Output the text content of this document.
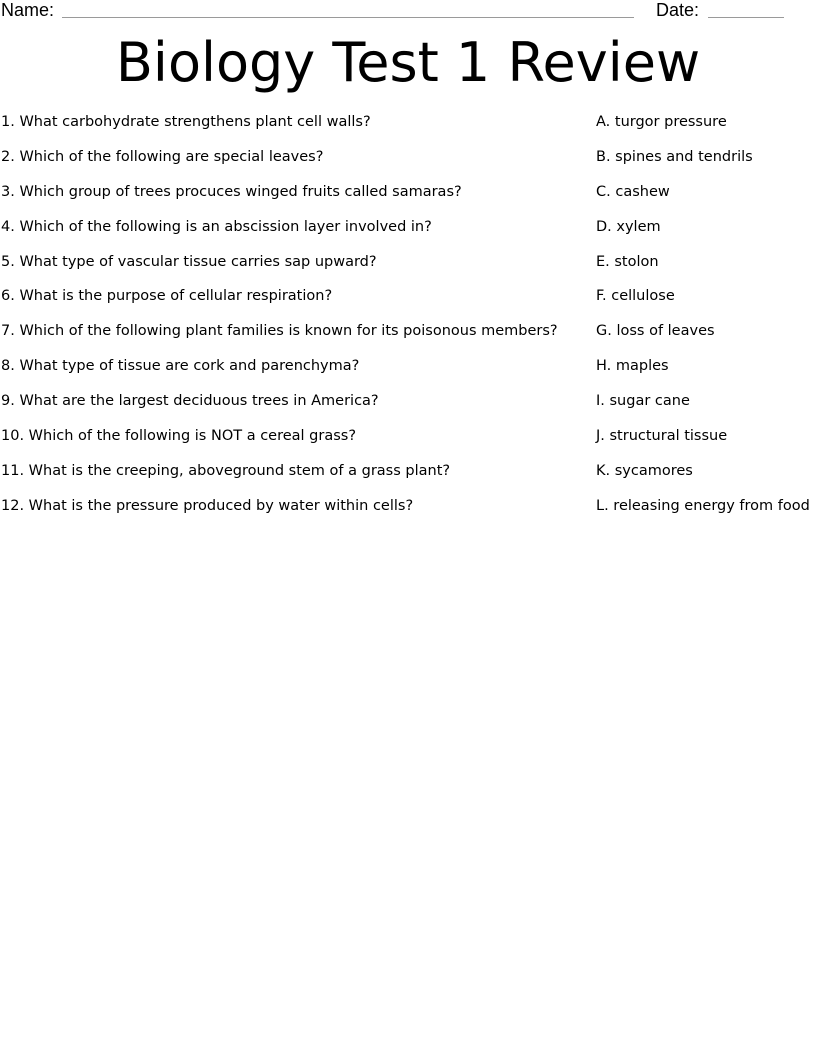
Name:	Date:
Biology Test 1 Review
1. What carbohydrate strengthens plant cell walls?	A. turgor pressure
2. Which of the following are special leaves?	B. spines and tendrils
3. Which group of trees procuces winged fruits called samaras?	C. cashew
4. Which of the following is an abscission layer involved in?	D. xylem
5. What type of vascular tissue carries sap upward?	E. stolon
6. What is the purpose of cellular respiration?	F. cellulose
7. Which of the following plant families is known for its poisonous members?	G. loss of leaves
8. What type of tissue are cork and parenchyma?	H. maples
9. What are the largest deciduous trees in America?	I. sugar cane
10. Which of the following is NOT a cereal grass?	J. structural tissue
11. What is the creeping, aboveground stem of a grass plant?	K. sycamores
12. What is the pressure produced by water within cells?	L. releasing energy from food
